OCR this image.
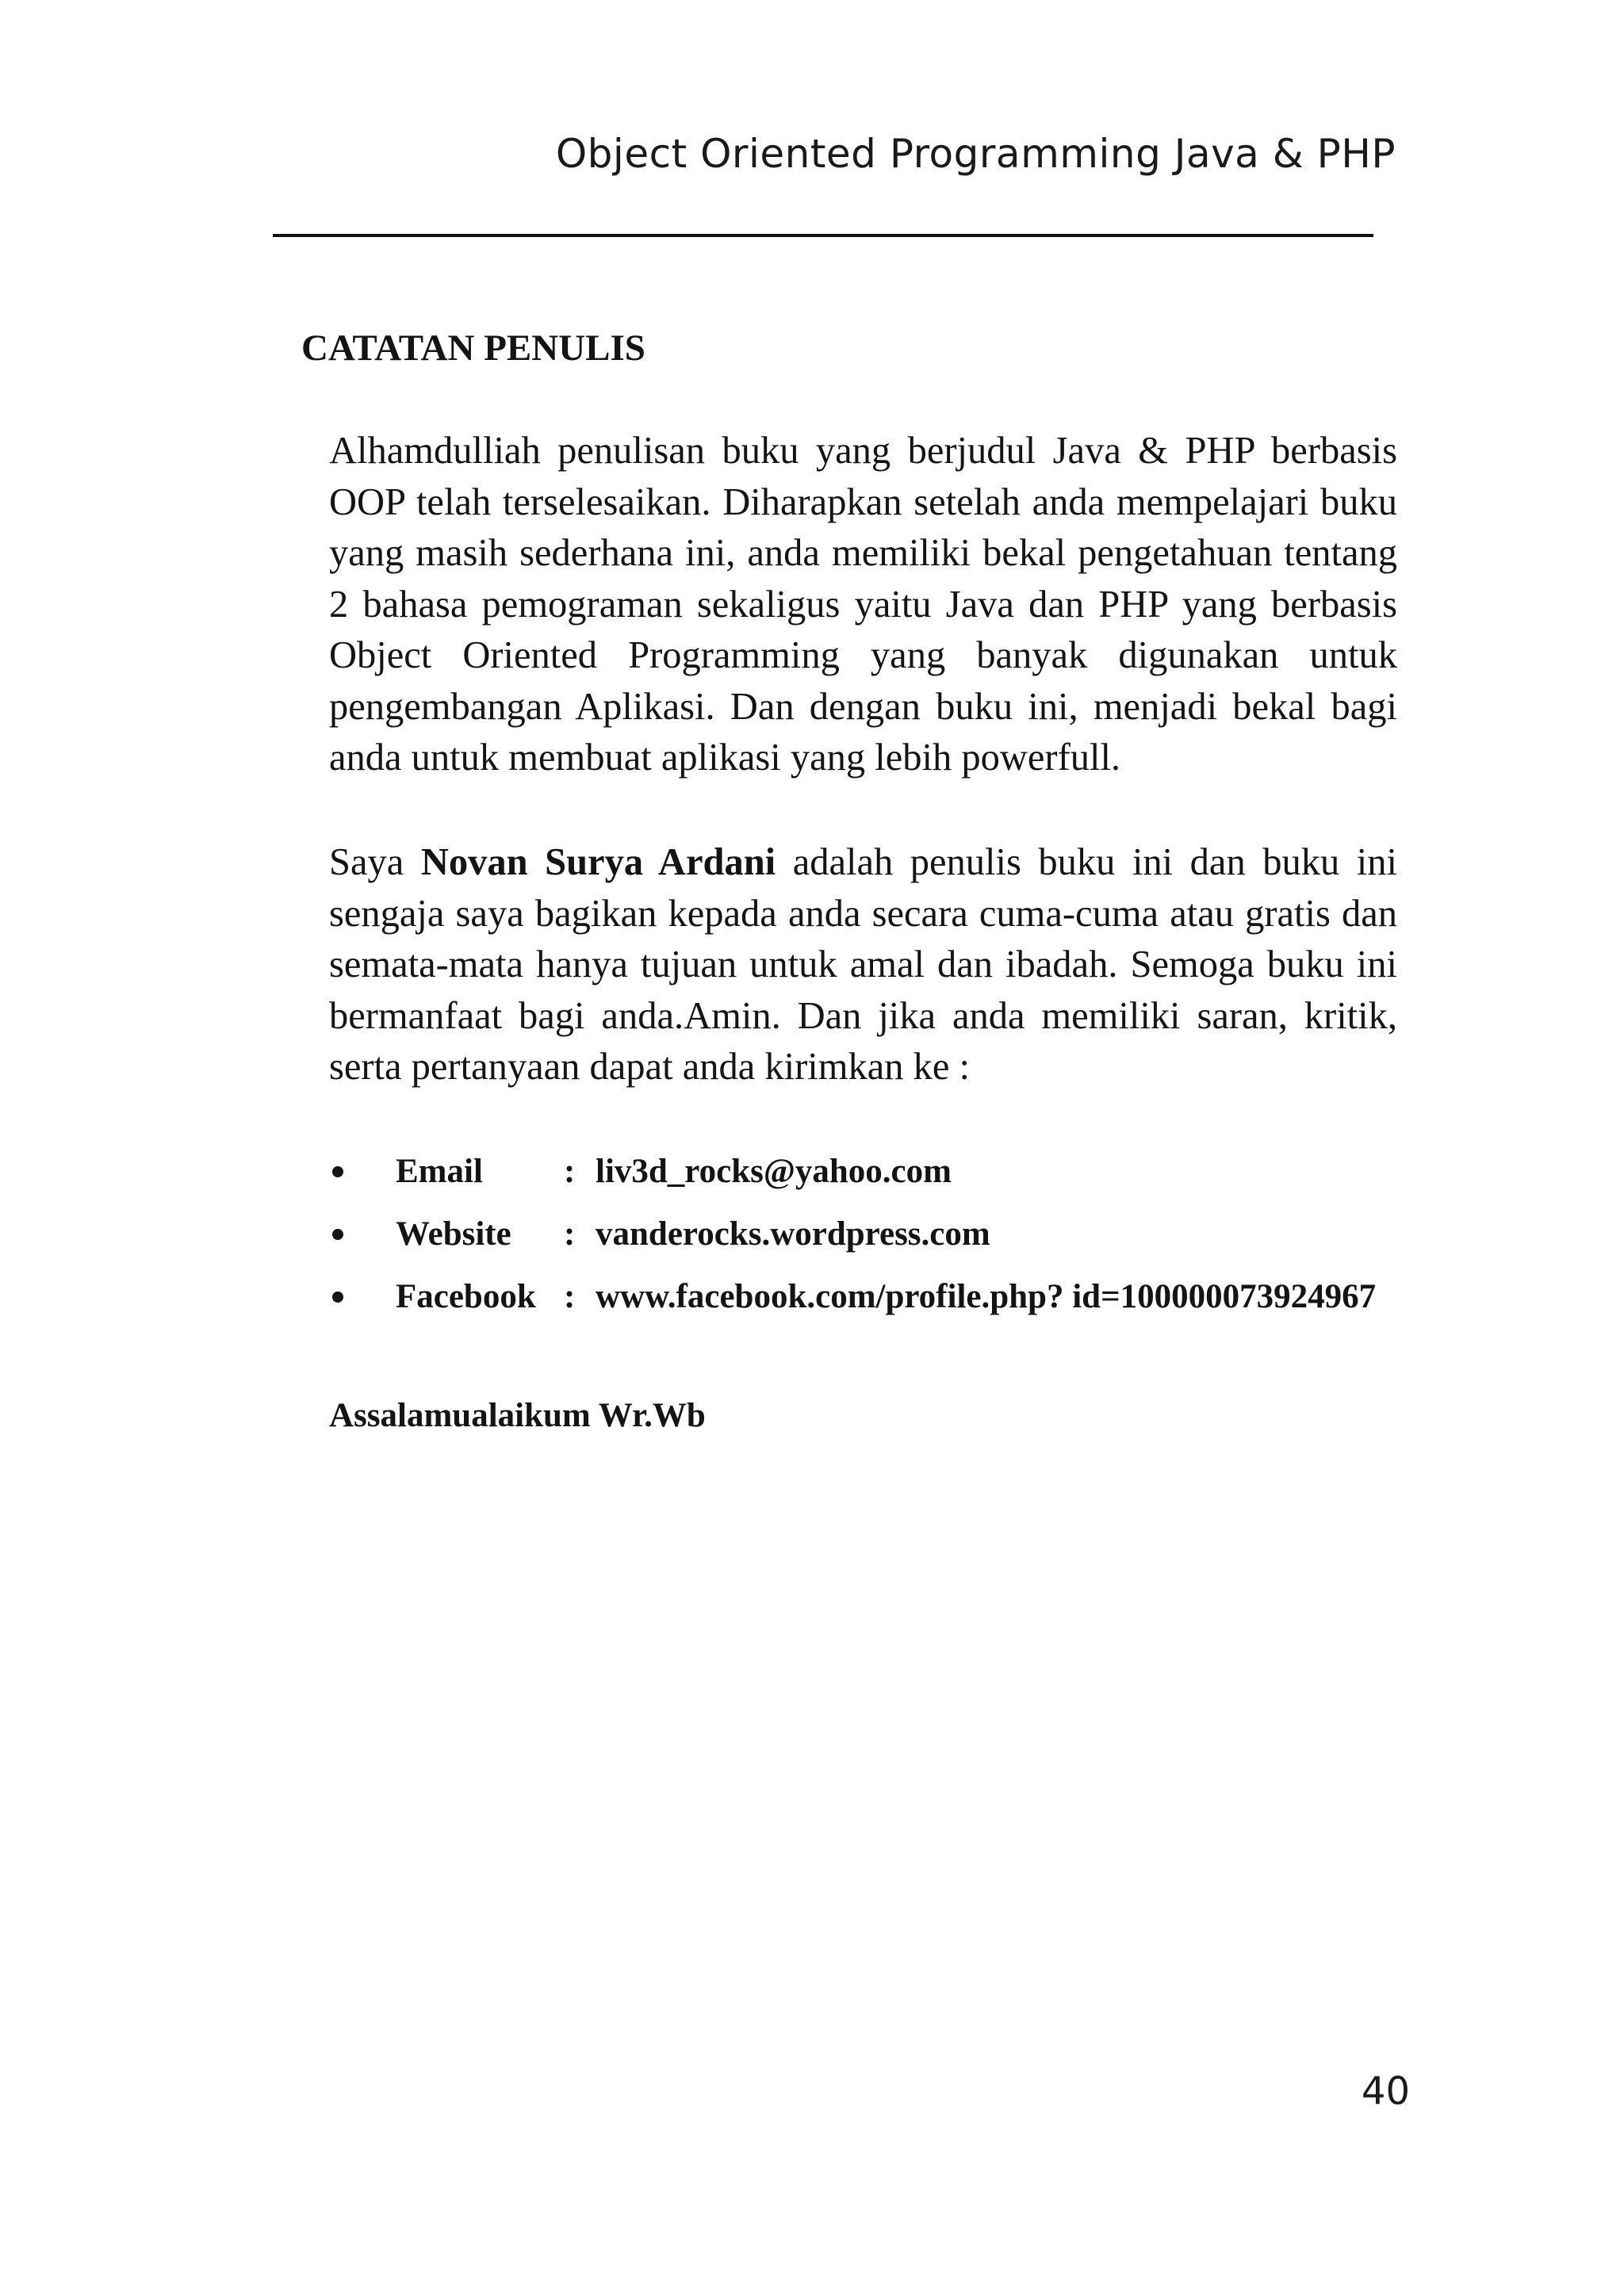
Object Oriented Programming Java & PHP
CATATAN PENULIS

Alhamdulliah penulisan buku yang berjudul Java & PHP berbasis OOP telah terselesaikan. Diharapkan setelah anda mempelajari buku yang masih sederhana ini, anda memiliki bekal pengetahuan tentang 2 bahasa pemograman sekaligus yaitu Java dan PHP yang berbasis Object Oriented Programming yang banyak digunakan untuk pengembangan Aplikasi. Dan dengan buku ini, menjadi bekal bagi anda untuk membuat aplikasi yang lebih powerfull.

Saya Novan Surya Ardani adalah penulis buku ini dan buku ini sengaja saya bagikan kepada anda secara cuma-cuma atau gratis dan semata-mata hanya tujuan untuk amal dan ibadah. Semoga buku ini bermanfaat bagi anda.Amin. Dan jika anda memiliki saran, kritik, serta pertanyaan dapat anda kirimkan ke :

Email	: liv3d_rocks@yahoo.com
Website	: vanderocks.wordpress.com
Facebook : www.facebook.com/profile.php? id=100000073924967
Assalamualaikum Wr.Wb
40
